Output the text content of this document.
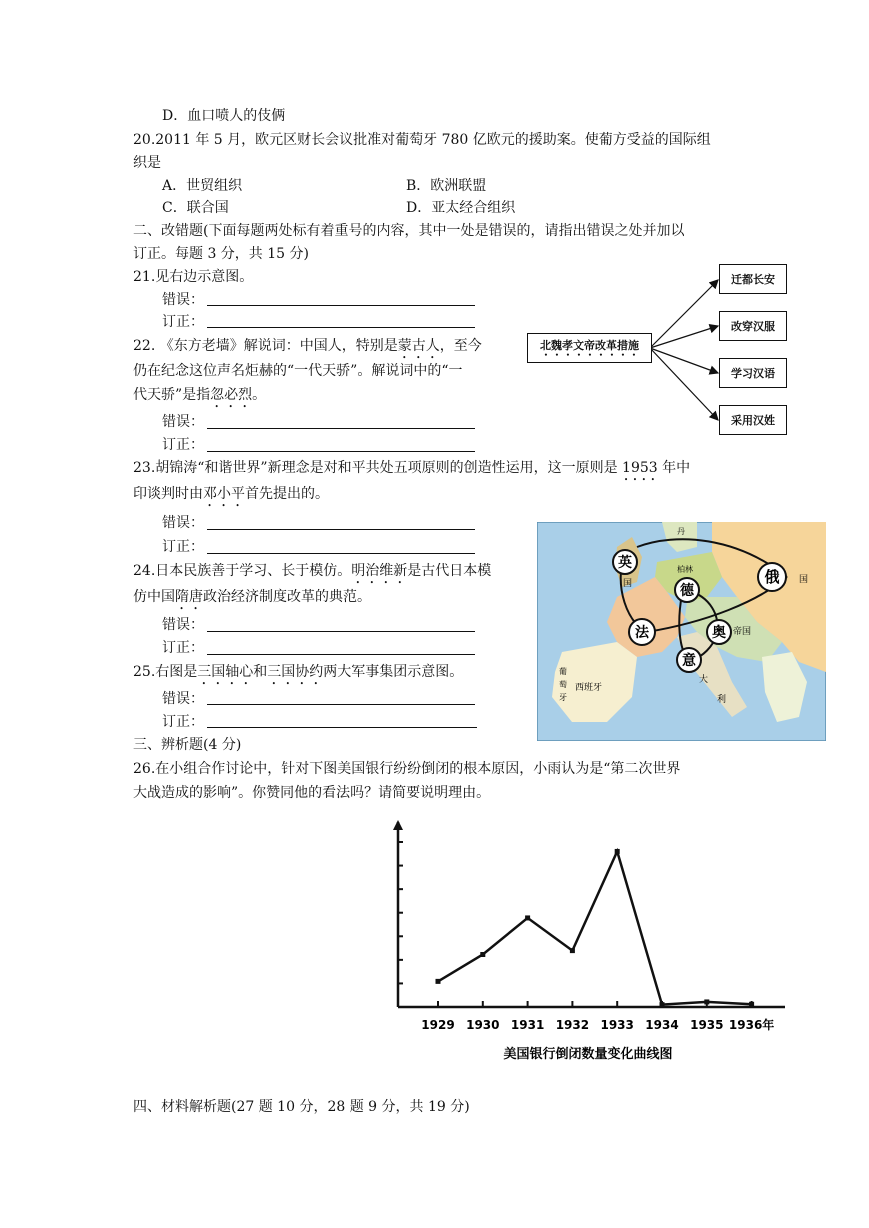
D．血口喷人的伎俩
20.2011 年 5 月，欧元区财长会议批准对葡萄牙 780 亿欧元的援助案。使葡方受益的国际组
织是
A．世贸组织	B．欧洲联盟
C．联合国	D．亚太经合组织
二、改错题(下面每题两处标有着重号的内容，其中一处是错误的，请指出错误之处并加以
订正。每题 3 分，共 15 分)
21.见右边示意图。
错误：
订正：
北魏孝文帝改革措施
迁都长安
改穿汉服
学习汉语
采用汉姓
22. 《东方老墙》解说词：中国人，特别是蒙古人，至今
仍在纪念这位声名炬赫的“一代天骄”。解说词中的“一
代天骄”是指忽必烈。
错误：
订正：
23.胡锦涛“和谐世界”新理念是对和平共处五项原则的创造性运用，这一原则是 1953 年中
印谈判时由邓小平首先提出的。
错误：
订正：
24.日本民族善于学习、长于模仿。明治维新是古代日本模
仿中国隋唐政治经济制度改革的典范。
错误：
订正：
25.右图是三国轴心和三国协约两大军事集团示意图。
错误：
订正：
英
俄
德
法	奥
意
国	国
柏林
丹
帝国
葡
萄
牙
西班牙
大
利
三、辨析题(4 分)
26.在小组合作讨论中，针对下图美国银行纷纷倒闭的根本原因，小雨认为是“第二次世界
大战造成的影响”。你赞同他的看法吗？请简要说明理由。
1929 1930 1931 1932 1933 1934 1935 1936年
美国银行倒闭数量变化曲线图
四、材料解析题(27 题 10 分，28 题 9 分，共 19 分)
